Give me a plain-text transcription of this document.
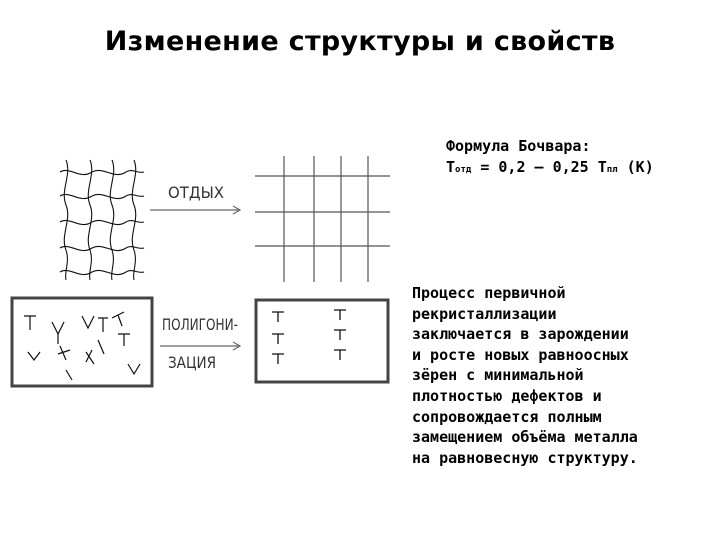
Изменение структуры и свойств
Формула Бочвара:
Тотд = 0,2 – 0,25 Тпл (К)
Процесс первичной
рекристаллизации
заключается в зарождении
и росте новых равноосных
зёрен с минимальной
плотностью дефектов и
сопровождается полным
замещением объёма металла
на равновесную структуру.
ОТДЫХ
ПОЛИГОНИ-
ЗАЦИЯ
